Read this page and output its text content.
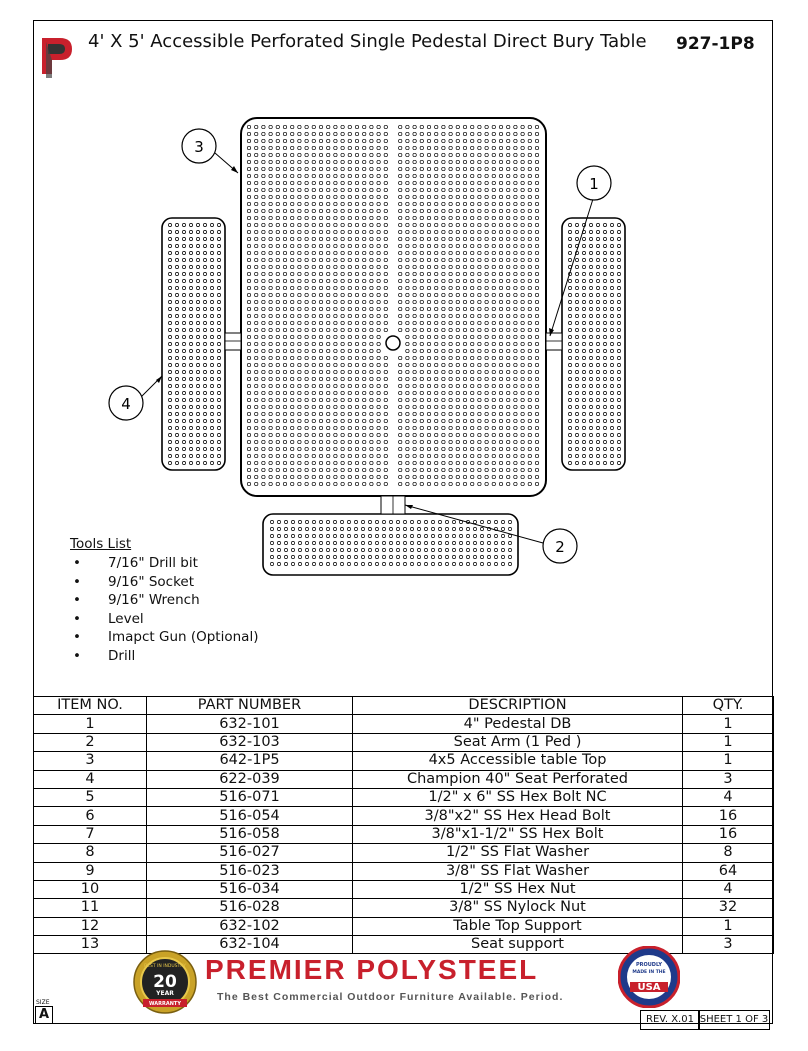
4' X 5' Accessible Perforated Single Pedestal Direct Bury Table 927-1P8
3
1
2
4
Tools List
• 7/16" Drill bit
• 9/16" Socket
• 9/16" Wrench
• Level
• Imapct Gun (Optional)
• Drill
ITEM NO.	PART NUMBER	DESCRIPTION	QTY.
1	632-101	4" Pedestal DB	1
2	632-103	Seat Arm (1 Ped )	1
3	642-1P5	4x5 Accessible table Top	1
4	622-039	Champion 40" Seat Perforated	3
5	516-071	1/2" x 6" SS Hex Bolt NC	4
6	516-054	3/8"x2" SS Hex Head Bolt	16
7	516-058	3/8"x1-1/2" SS Hex Bolt	16
8	516-027	1/2" SS Flat Washer	8
9	516-023	3/8" SS Flat Washer	64
10	516-034	1/2" SS Hex Nut	4
11	516-028	3/8" SS Nylock Nut	32
12	632-102	Table Top Support	1
13	632-104	Seat support	3
BEST IN INDUSTRY
20
YEAR
WARRANTY
PREMIER POLYSTEEL
The Best Commercial Outdoor Furniture Available. Period.
PROUDLY
MADE IN THE
USA
SIZE
A	REV. X.01 SHEET 1 OF 3
